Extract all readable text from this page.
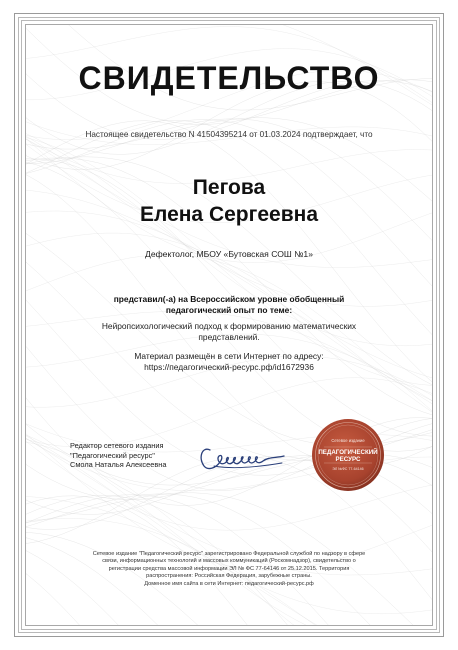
СВИДЕТЕЛЬСТВО
Настоящее свидетельство N 41504395214 от 01.03.2024 подтверждает, что
Пегова
Елена Сергеевна
Дефектолог, МБОУ «Бутовская СОШ №1»
представил(-а) на Всероссийском уровне обобщенный
педагогический опыт по теме:
Нейропсихологический подход к формированию математических
представлений.
Материал размещён в сети Интернет по адресу:
https://педагогический-ресурс.рф/id1672936
Редактор сетевого издания
"Педагогический ресурс"
Смола Наталья Алексеевна
Сетевое издание
ПЕДАГОГИЧЕСКИЙ
РЕСУРС
ЭЛ №ФС 77-64146
Сетевое издание "Педагогический ресурс" зарегистрировано Федеральной службой по надзору в сфере
связи, информационных технологий и массовых коммуникаций (Роскомнадзор), свидетельство о
регистрации средства массовой информации ЭЛ № ФС 77-64146 от 25.12.2015. Территория
распространения: Российская Федерация, зарубежные страны.
Доменное имя сайта в сети Интернет: педагогический-ресурс.рф
